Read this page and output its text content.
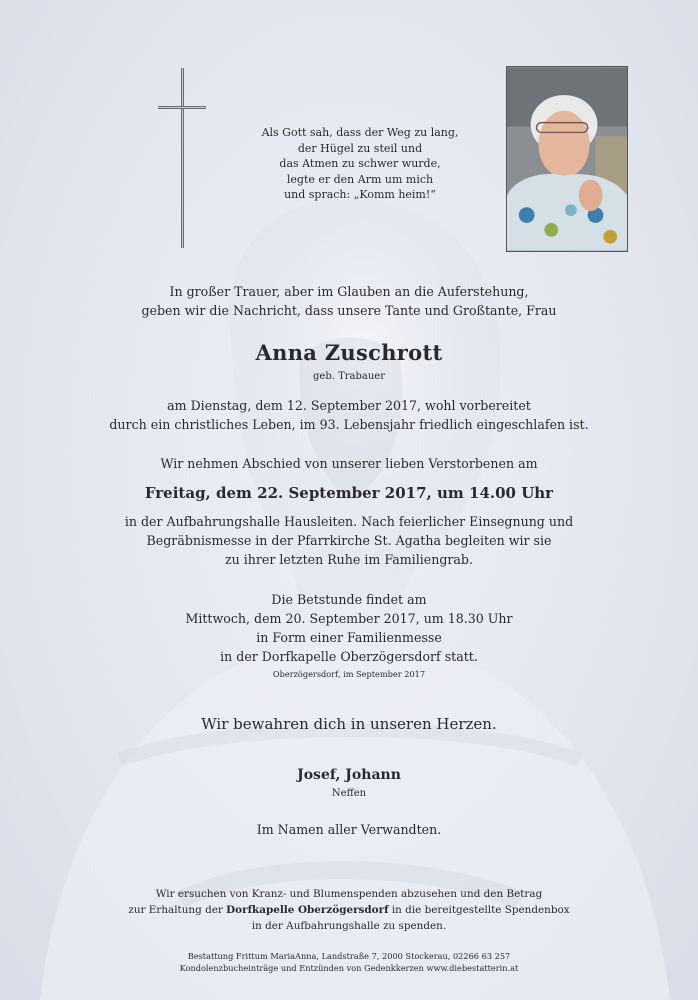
Als Gott sah, dass der Weg zu lang,
der Hügel zu steil und
das Atmen zu schwer wurde,
legte er den Arm um mich
und sprach: „Komm heim!“
In großer Trauer, aber im Glauben an die Auferstehung,
geben wir die Nachricht, dass unsere Tante und Großtante, Frau
Anna Zuschrott
geb. Trabauer
am Dienstag, dem 12. September 2017, wohl vorbereitet
durch ein christliches Leben, im 93. Lebensjahr friedlich eingeschlafen ist.
Wir nehmen Abschied von unserer lieben Verstorbenen am
Freitag, dem 22. September 2017, um 14.00 Uhr
in der Aufbahrungshalle Hausleiten. Nach feierlicher Einsegnung und
Begräbnismesse in der Pfarrkirche St. Agatha begleiten wir sie
zu ihrer letzten Ruhe im Familiengrab.
Die Betstunde findet am
Mittwoch, dem 20. September 2017, um 18.30 Uhr
in Form einer Familienmesse
in der Dorfkapelle Oberzögersdorf statt.
Oberzögersdorf, im September 2017
Wir bewahren dich in unseren Herzen.
Josef, Johann
Neffen
Im Namen aller Verwandten.
Wir ersuchen von Kranz- und Blumenspenden abzusehen und den Betrag
zur Erhaltung der Dorfkapelle Oberzögersdorf in die bereitgestellte Spendenbox
in der Aufbahrungshalle zu spenden.
Bestattung Frittum MariaAnna, Landstraße 7, 2000 Stockerau, 02266 63 257
Kondolenzbucheinträge und Entzünden von Gedenkkerzen www.diebestatterin.at
